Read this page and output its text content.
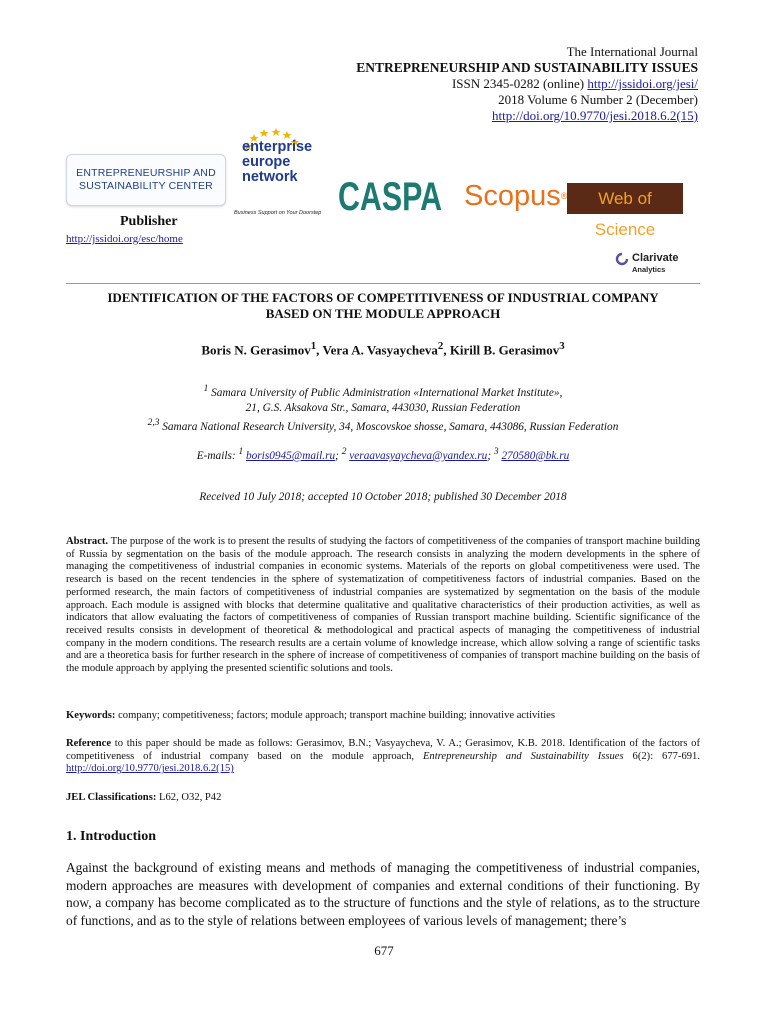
The International Journal
ENTREPRENEURSHIP AND SUSTAINABILITY ISSUES
ISSN 2345-0282 (online) http://jssidoi.org/jesi/
2018 Volume 6 Number 2 (December)
http://doi.org/10.9770/jesi.2018.6.2(15)
ENTREPRENEURSHIP AND
SUSTAINABILITY CENTER
Publisher
http://jssidoi.org/esc/home
enterprise
europe
network
Business Support on Your Doorstep CASPA Scopus®	Web of Science
Clarivate
Analytics
IDENTIFICATION OF THE FACTORS OF COMPETITIVENESS OF INDUSTRIAL COMPANY
BASED ON THE MODULE APPROACH
Boris N. Gerasimov$^1$, Vera A. Vasyaycheva$^2$, Kirill B. Gerasimov$^3$
$^1$ Samara University of Public Administration «International Market Institute»,
21, G.S. Aksakova Str., Samara, 443030, Russian Federation
$^{2,3}$ Samara National Research University, 34, Moscovskoe shosse, Samara, 443086, Russian Federation
E-mails: $^1$ boris0945@mail.ru; $^2$ veraavasyaycheva@yandex.ru; $^3$ 270580@bk.ru
Received 10 July 2018; accepted 10 October 2018; published 30 December 2018
Abstract. The purpose of the work is to present the results of studying the factors of competitiveness of the companies of transport machine building of Russia by segmentation on the basis of the module approach. The research consists in analyzing the modern developments in the sphere of managing the competitiveness of industrial companies in economic systems. Materials of the reports on global competitiveness were used. The research is based on the recent tendencies in the sphere of systematization of competitiveness factors of industrial companies. Based on the performed research, the main factors of competitiveness of industrial companies are systematized by segmentation on the basis of the module approach. Each module is assigned with blocks that determine qualitative and qualitative characteristics of their production activities, as well as indicators that allow evaluating the factors of competitiveness of companies of Russian transport machine building. Scientific significance of the received results consists in development of theoretical & methodological and practical aspects of managing the competitiveness of industrial company in the modern conditions. The research results are a certain volume of knowledge increase, which allow solving a range of scientific tasks and are a theoretica basis for further research in the sphere of increase of competitiveness of companies of transport machine building on the basis of the module approach by applying the presented scientific solutions and tools.
Keywords: company; competitiveness; factors; module approach; transport machine building; innovative activities
Reference to this paper should be made as follows: Gerasimov, B.N.; Vasyaycheva, V. A.; Gerasimov, K.B. 2018. Identification of the factors of competitiveness of industrial company based on the module approach, Entrepreneurship and Sustainability Issues 6(2): 677-691. http://doi.org/10.9770/jesi.2018.6.2(15)
JEL Classifications: L62, O32, P42
1. Introduction
Against the background of existing means and methods of managing the competitiveness of industrial companies, modern approaches are measures with development of companies and external conditions of their functioning. By now, a company has become complicated as to the structure of functions and the style of relations, as to the structure of functions, and as to the style of relations between employees of various levels of management; there’s
677
